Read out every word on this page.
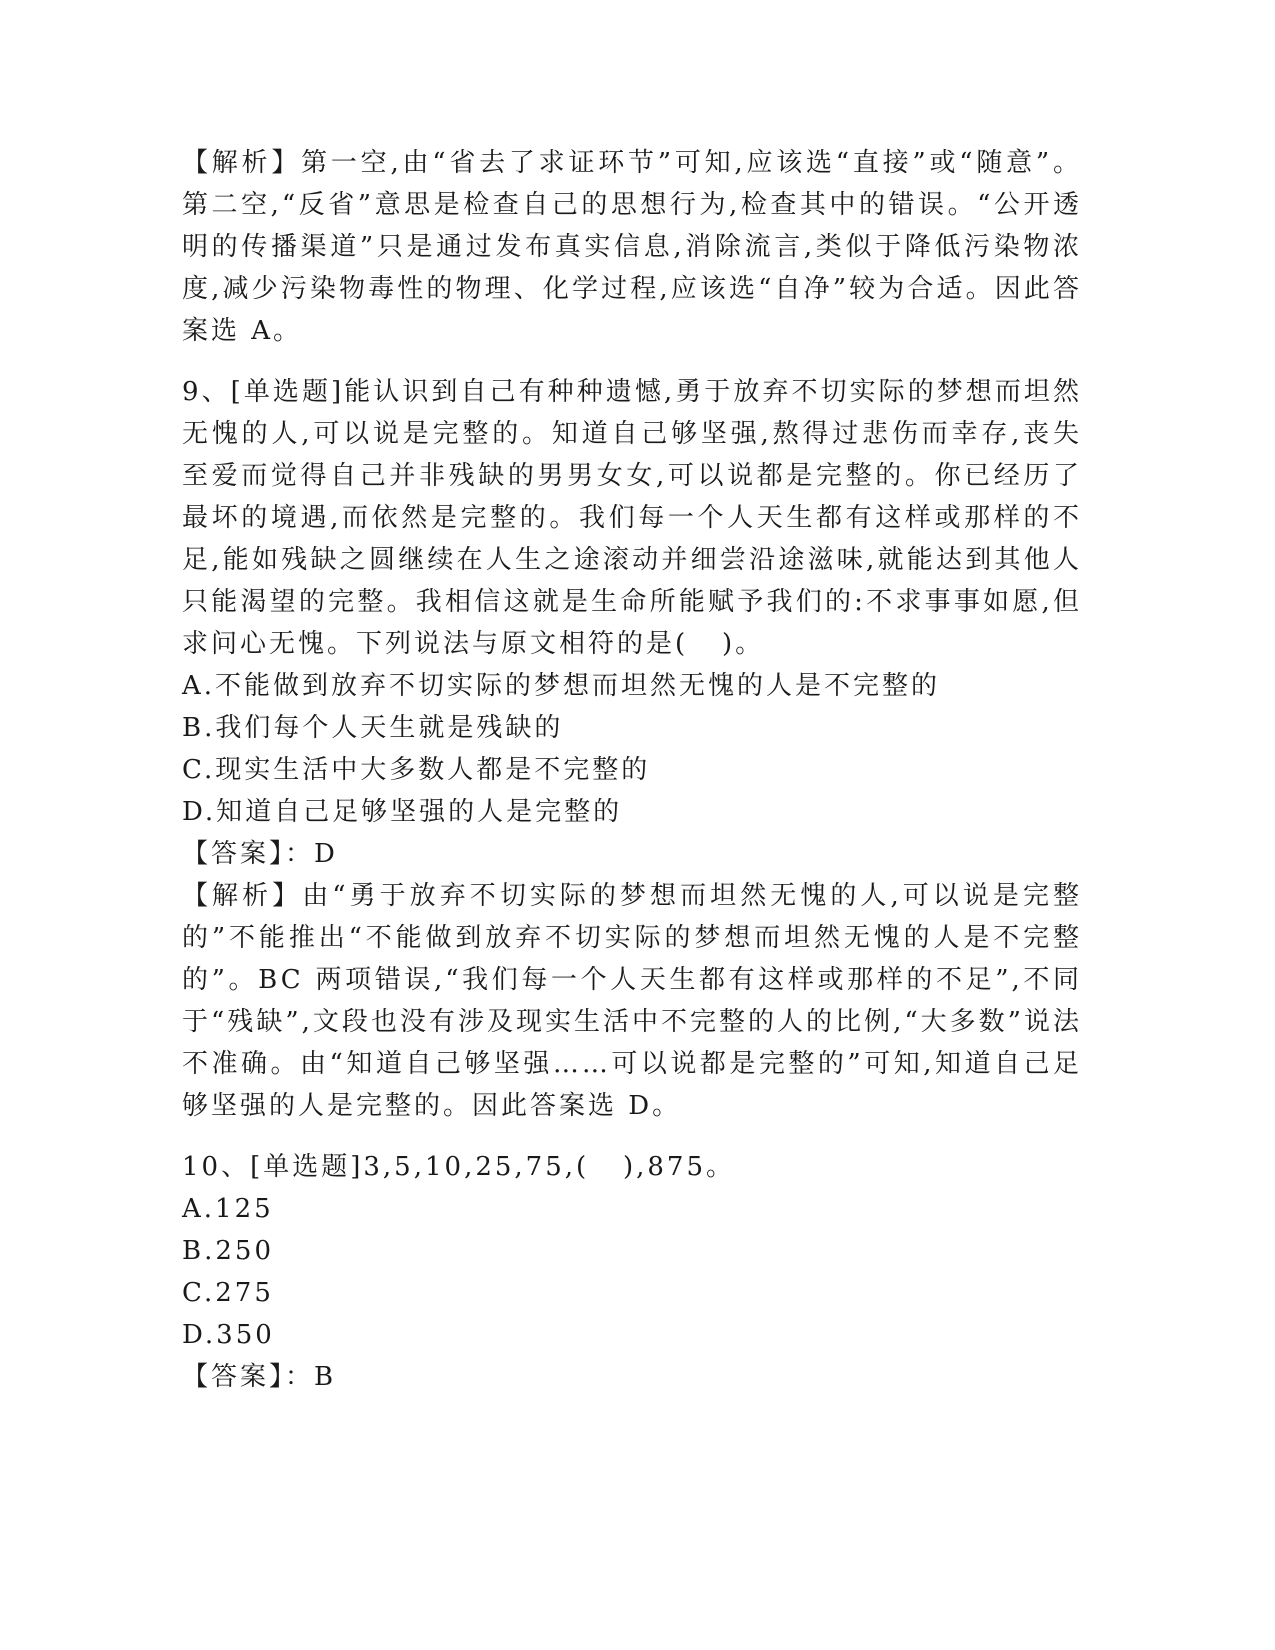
【解析】第一空,由“省去了求证环节”可知,应该选“直接”或“随意”。第二空,“反省”意思是检查自己的思想行为,检查其中的错误。“公开透明的传播渠道”只是通过发布真实信息,消除流言,类似于降低污染物浓度,减少污染物毒性的物理、化学过程,应该选“自净”较为合适。因此答案选 A。

9、[单选题]能认识到自己有种种遗憾,勇于放弃不切实际的梦想而坦然无愧的人,可以说是完整的。知道自己够坚强,熬得过悲伤而幸存,丧失至爱而觉得自己并非残缺的男男女女,可以说都是完整的。你已经历了最坏的境遇,而依然是完整的。我们每一个人天生都有这样或那样的不足,能如残缺之圆继续在人生之途滚动并细尝沿途滋味,就能达到其他人只能渴望的完整。我相信这就是生命所能赋予我们的:不求事事如愿,但求问心无愧。下列说法与原文相符的是(   )。

A.不能做到放弃不切实际的梦想而坦然无愧的人是不完整的

B.我们每个人天生就是残缺的

C.现实生活中大多数人都是不完整的

D.知道自己足够坚强的人是完整的

【答案】：D

【解析】由“勇于放弃不切实际的梦想而坦然无愧的人,可以说是完整的”不能推出“不能做到放弃不切实际的梦想而坦然无愧的人是不完整的”。BC 两项错误,“我们每一个人天生都有这样或那样的不足”,不同于“残缺”,文段也没有涉及现实生活中不完整的人的比例,“大多数”说法不准确。由“知道自己够坚强……可以说都是完整的”可知,知道自己足够坚强的人是完整的。因此答案选 D。

10、[单选题]3,5,10,25,75,(   ),875。

A.125

B.250

C.275

D.350

【答案】：B
